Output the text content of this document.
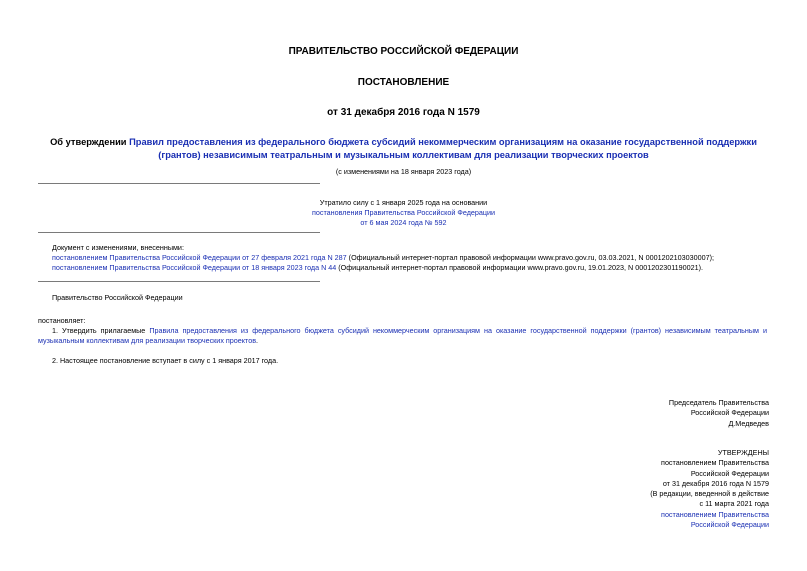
ПРАВИТЕЛЬСТВО РОССИЙСКОЙ ФЕДЕРАЦИИ
ПОСТАНОВЛЕНИЕ
от 31 декабря 2016 года N 1579
Об утверждении Правил предоставления из федерального бюджета субсидий некоммерческим организациям на оказание государственной поддержки (грантов) независимым театральным и музыкальным коллективам для реализации творческих проектов
(с изменениями на 18 января 2023 года)
Утратило силу с 1 января 2025 года на основании
постановления Правительства Российской Федерации
от 6 мая 2024 года № 592
Документ с изменениями, внесенными:
постановлением Правительства Российской Федерации от 27 февраля 2021 года N 287 (Официальный интернет-портал правовой информации www.pravo.gov.ru, 03.03.2021, N 0001202103030007);
постановлением Правительства Российской Федерации от 18 января 2023 года N 44 (Официальный интернет-портал правовой информации www.pravo.gov.ru, 19.01.2023, N 0001202301190021).
Правительство Российской Федерации
постановляет:
1. Утвердить прилагаемые Правила предоставления из федерального бюджета субсидий некоммерческим организациям на оказание государственной поддержки (грантов) независимым театральным и музыкальным коллективам для реализации творческих проектов.
2. Настоящее постановление вступает в силу с 1 января 2017 года.
Председатель Правительства
Российской Федерации
Д.Медведев
УТВЕРЖДЕНЫ
постановлением Правительства
Российской Федерации
от 31 декабря 2016 года N 1579
(В редакции, введенной в действие
с 11 марта 2021 года
постановлением Правительства
Российской Федерации
